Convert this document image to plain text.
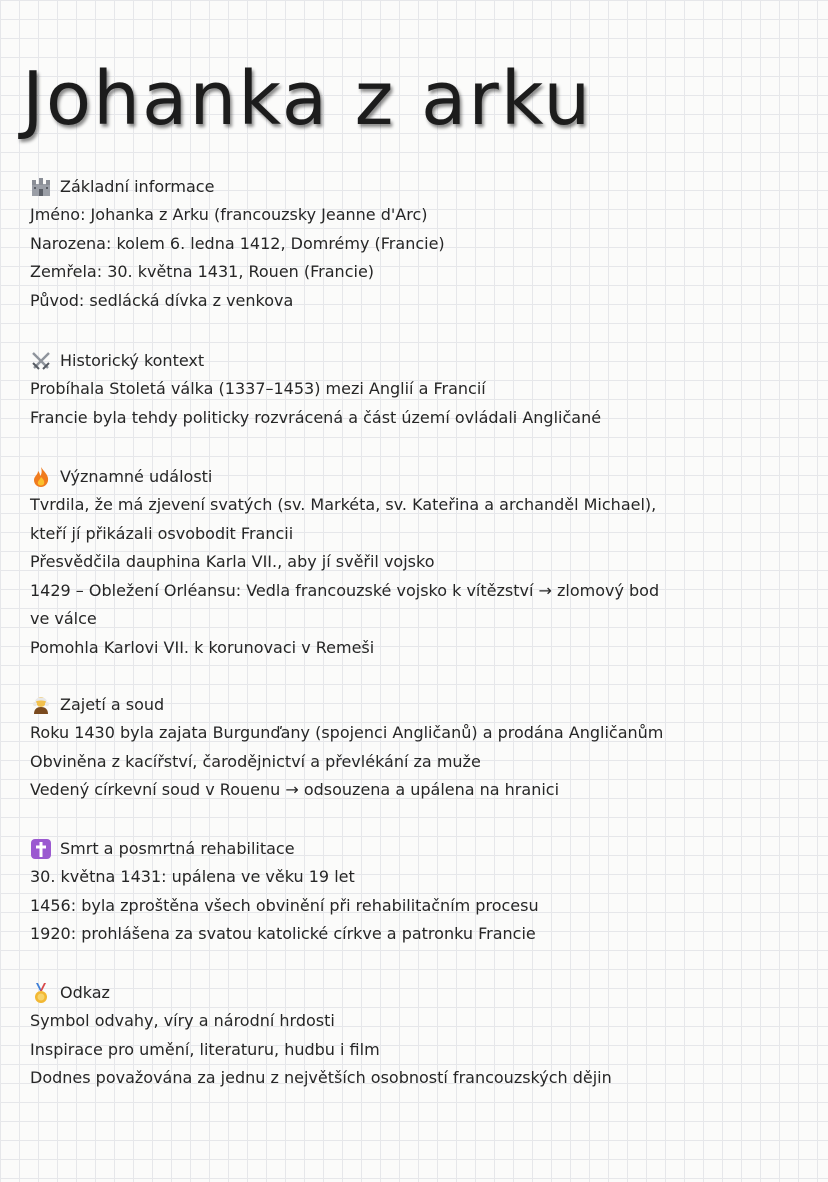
Johanka z arku
Základní informace
Jméno: Johanka z Arku (francouzsky Jeanne d'Arc)
Narozena: kolem 6. ledna 1412, Domrémy (Francie)
Zemřela: 30. května 1431, Rouen (Francie)
Původ: sedlácká dívka z venkova
Historický kontext
Probíhala Stoletá válka (1337–1453) mezi Anglií a Francií
Francie byla tehdy politicky rozvrácená a část území ovládali Angličané
Významné události
Tvrdila, že má zjevení svatých (sv. Markéta, sv. Kateřina a archanděl Michael),
kteří jí přikázali osvobodit Francii
Přesvědčila dauphina Karla VII., aby jí svěřil vojsko
1429 – Obležení Orléansu: Vedla francouzské vojsko k vítězství → zlomový bod
ve válce
Pomohla Karlovi VII. k korunovaci v Remeši
Zajetí a soud
Roku 1430 byla zajata Burgunďany (spojenci Angličanů) a prodána Angličanům
Obviněna z kacířství, čarodějnictví a převlékání za muže
Vedený církevní soud v Rouenu → odsouzena a upálena na hranici
Smrt a posmrtná rehabilitace
30. května 1431: upálena ve věku 19 let
1456: byla zproštěna všech obvinění při rehabilitačním procesu
1920: prohlášena za svatou katolické církve a patronku Francie
Odkaz
Symbol odvahy, víry a národní hrdosti
Inspirace pro umění, literaturu, hudbu i film
Dodnes považována za jednu z největších osobností francouzských dějin
